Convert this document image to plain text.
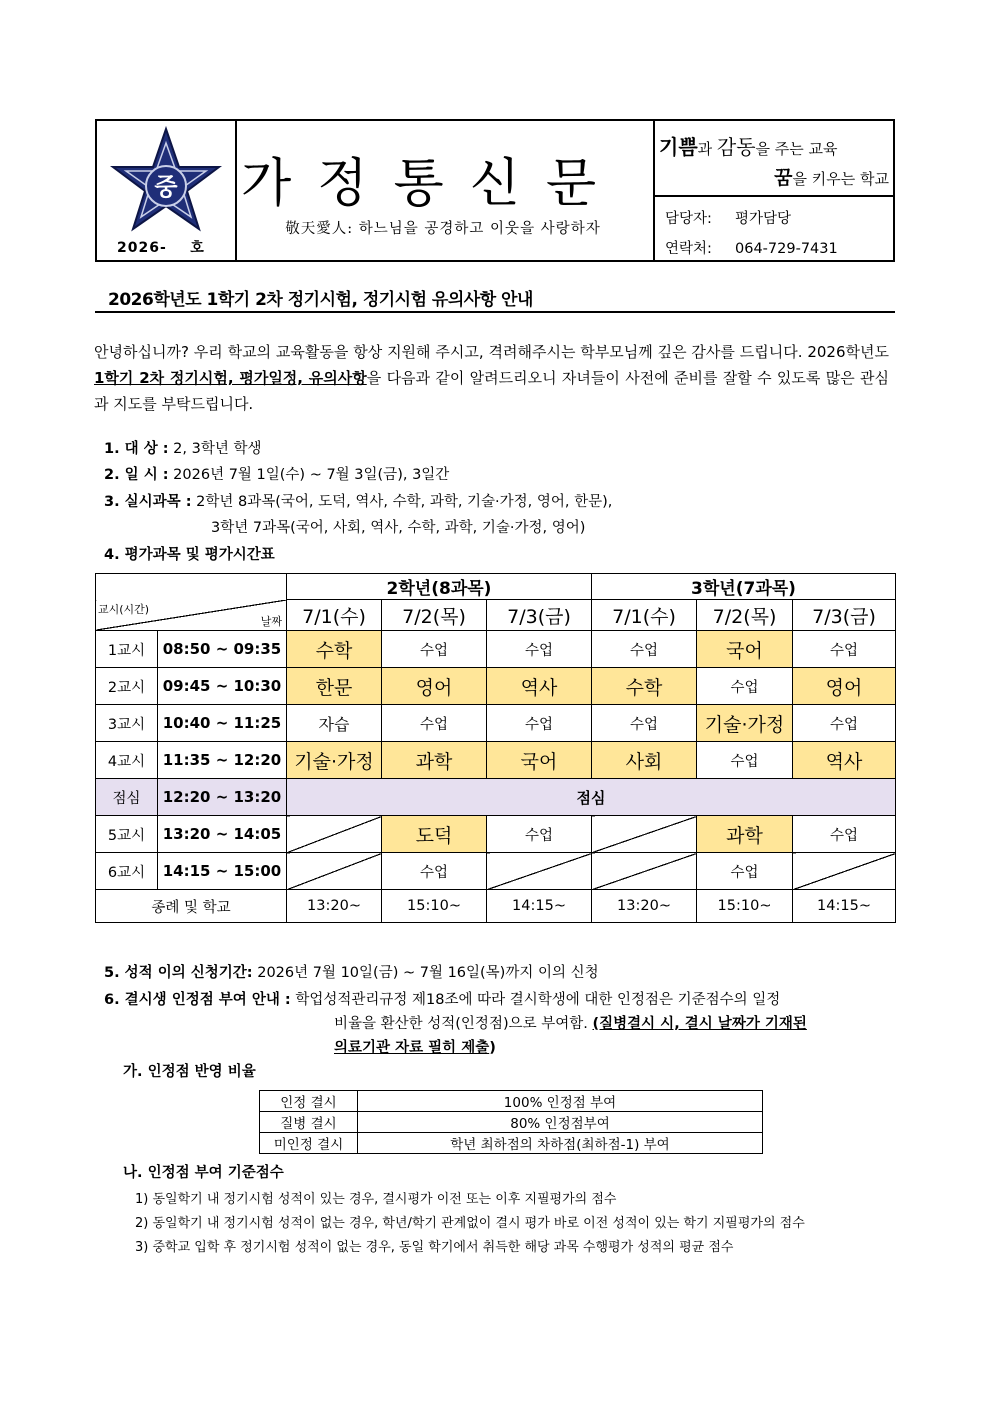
중
2026-    호
가정통신문
敬天愛人: 하느님을 공경하고 이웃을 사랑하자
기쁨과 감동을 주는 교육
꿈을 키우는 학교
담당자: 평가담당
연락처: 064-729-7431
2026학년도 1학기 2차 정기시험, 정기시험 유의사항 안내
안녕하십니까? 우리 학교의 교육활동을 항상 지원해 주시고, 격려해주시는 학부모님께 깊은 감사를 드립니다. 2026학년도 1학기 2차 정기시험, 평가일정, 유의사항을 다음과 같이 알려드리오니 자녀들이 사전에 준비를 잘할 수 있도록 많은 관심과 지도를 부탁드립니다.
1. 대 상 : 2, 3학년 학생
2. 일 시 : 2026년 7월 1일(수) ~ 7월 3일(금), 3일간
3. 실시과목 : 2학년 8과목(국어, 도덕, 역사, 수학, 과학, 기술·가정, 영어, 한문),
3학년 7과목(국어, 사회, 역사, 수학, 과학, 기술·가정, 영어)
4. 평가과목 및 평가시간표
		2학년(8과목)			3학년(7과목)		

교시(시간)
날짜		7/1(수)	7/2(목)	7/3(금)	7/1(수)	7/2(목)	7/3(금)
1교시	08:50 ~ 09:35	수학	수업	수업	수업	국어	수업
2교시	09:45 ~ 10:30	한문	영어	역사	수학	수업	영어
3교시	10:40 ~ 11:25	자습	수업	수업	수업	기술·가정	수업
4교시	11:35 ~ 12:20	기술·가정	과학	국어	사회	수업	역사
점심	12:20 ~ 13:20	점심					
5교시	13:20 ~ 14:05		도덕	수업		과학	수업
6교시	14:15 ~ 15:00		수업			수업	
종례 및 학교		13:20~	15:10~	14:15~	13:20~	15:10~	14:15~
5. 성적 이의 신청기간: 2026년 7월 10일(금) ~ 7월 16일(목)까지 이의 신청
6. 결시생 인정점 부여 안내 : 학업성적관리규정 제18조에 따라 결시학생에 대한 인정점은 기준점수의 일정
비율을 환산한 성적(인정점)으로 부여함. (질병결시 시, 결시 날짜가 기재된
의료기관 자료 필히 제출)
가. 인정점 반영 비율
인정 결시	100% 인정점 부여
질병 결시	80% 인정점부여
미인정 결시	학년 최하점의 차하점(최하점-1) 부여
나. 인정점 부여 기준점수
1) 동일학기 내 정기시험 성적이 있는 경우, 결시평가 이전 또는 이후 지필평가의 점수
2) 동일학기 내 정기시험 성적이 없는 경우, 학년/학기 관계없이 결시 평가 바로 이전 성적이 있는 학기 지필평가의 점수
3) 중학교 입학 후 정기시험 성적이 없는 경우, 동일 학기에서 취득한 해당 과목 수행평가 성적의 평균 점수
